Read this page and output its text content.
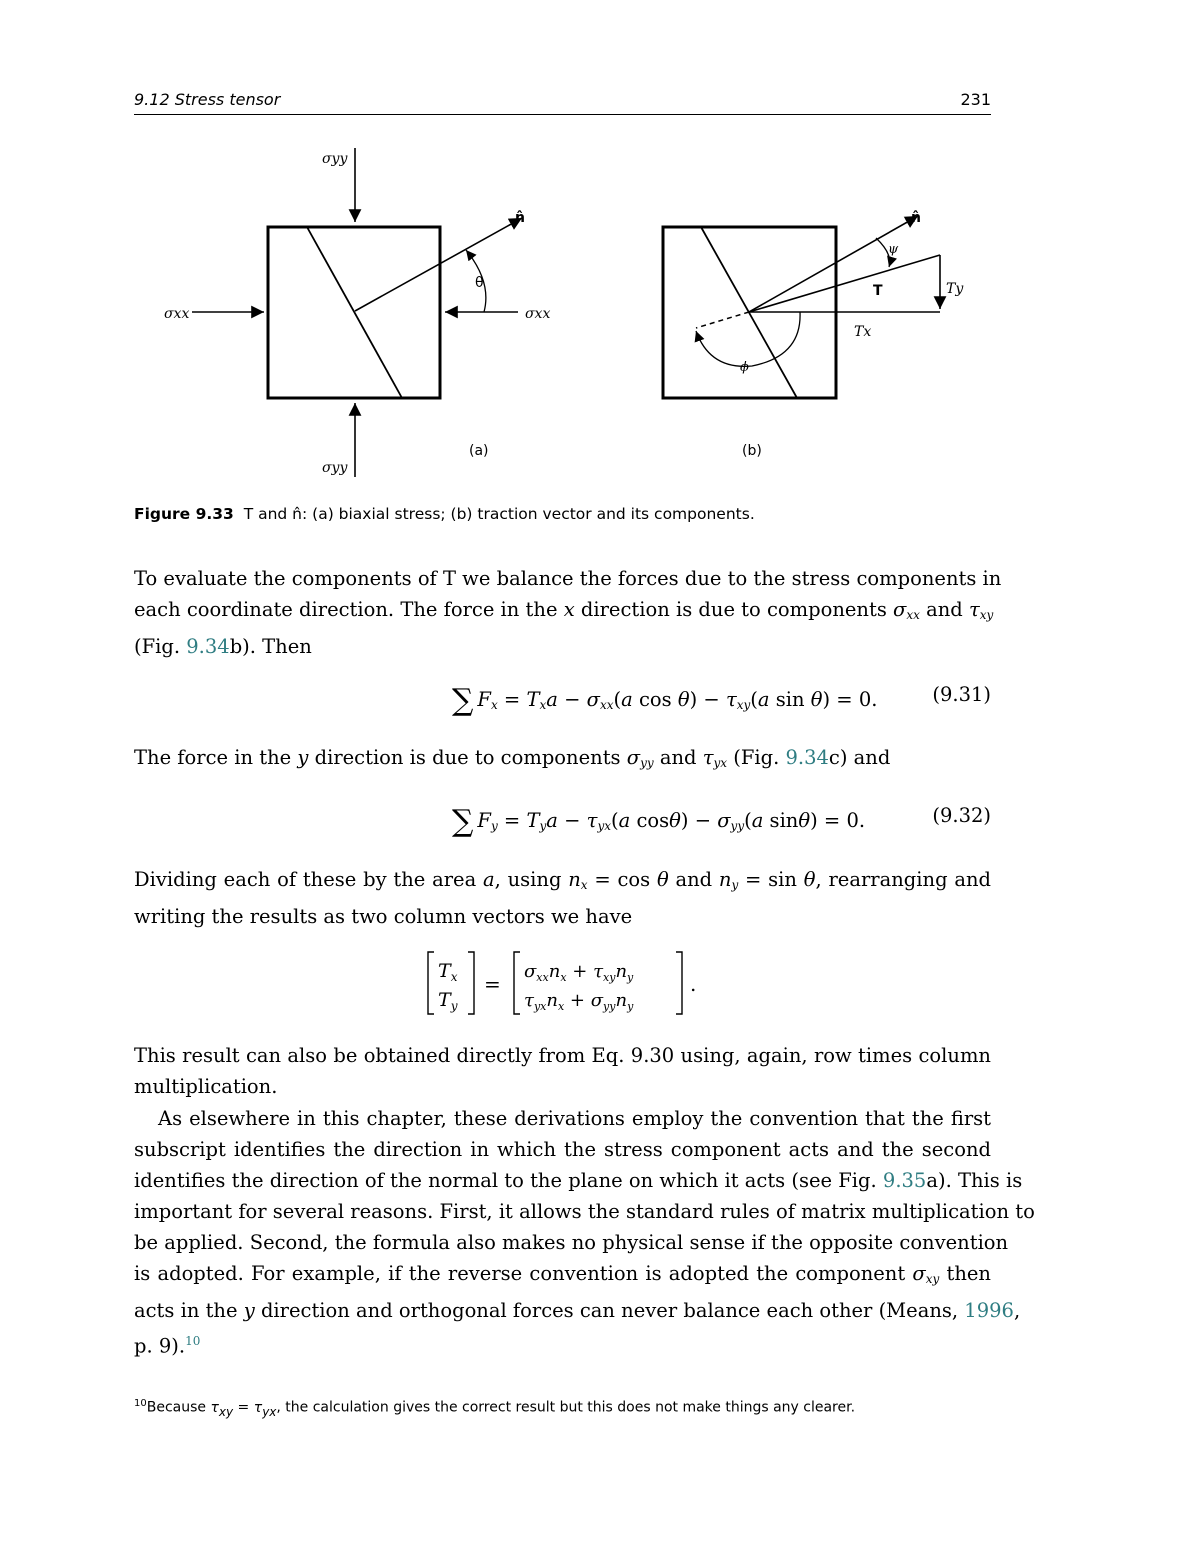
9.12 Stress tensor	231
σyy
σyy
σxx	σxx
n̂
θ
(a)
n̂
ψ
T	Ty
Tx
ϕ
(b)
Figure 9.33 T and n̂: (a) biaxial stress; (b) traction vector and its components.
To evaluate the components of T we balance the forces due to the stress components in
each coordinate direction. The force in the x direction is due to components $\sigma_{xx}$ and $\tau_{xy}$
(Fig. 9.34b). Then
∑ $F_x = T_xa - \sigma_{xx}(a$ $\cos \theta) - \tau_{xy}(a$ sin θ) = 0.	(9.31)
The force in the y direction is due to components $\sigma_{yy}$ and $\tau_{yx}$ (Fig. 9.34c) and
∑ $F_y = T_ya - \tau_{yx}(a$ $\cos\theta) - \sigma_{yy}(a$ sinθ) = 0.	(9.32)
Dividing each of these by the area a, using $n_x = \cos \theta$ and $n_y = \sin \theta$, rearranging and
writing the results as two column vectors we have
$T_x$
$T_y$
=
$\sigma_{xx}n_x + \tau_{xy}n_y$
$\tau_{yx}n_x + \sigma_{yy}n_y$
.
This result can also be obtained directly from Eq. 9.30 using, again, row times column
multiplication.
As elsewhere in this chapter, these derivations employ the convention that the first
subscript identifies the direction in which the stress component acts and the second
identifies the direction of the normal to the plane on which it acts (see Fig. 9.35a). This is
important for several reasons. First, it allows the standard rules of matrix multiplication to
be applied. Second, the formula also makes no physical sense if the opposite convention
is adopted. For example, if the reverse convention is adopted the component $\sigma_{xy}$ then
acts in the y direction and orthogonal forces can never balance each other (Means, 1996,
p. 9).$^{10}$
$^{10}$Because $\tau_{xy} = \tau_{yx}$, the calculation gives the correct result but this does not make things any clearer.
